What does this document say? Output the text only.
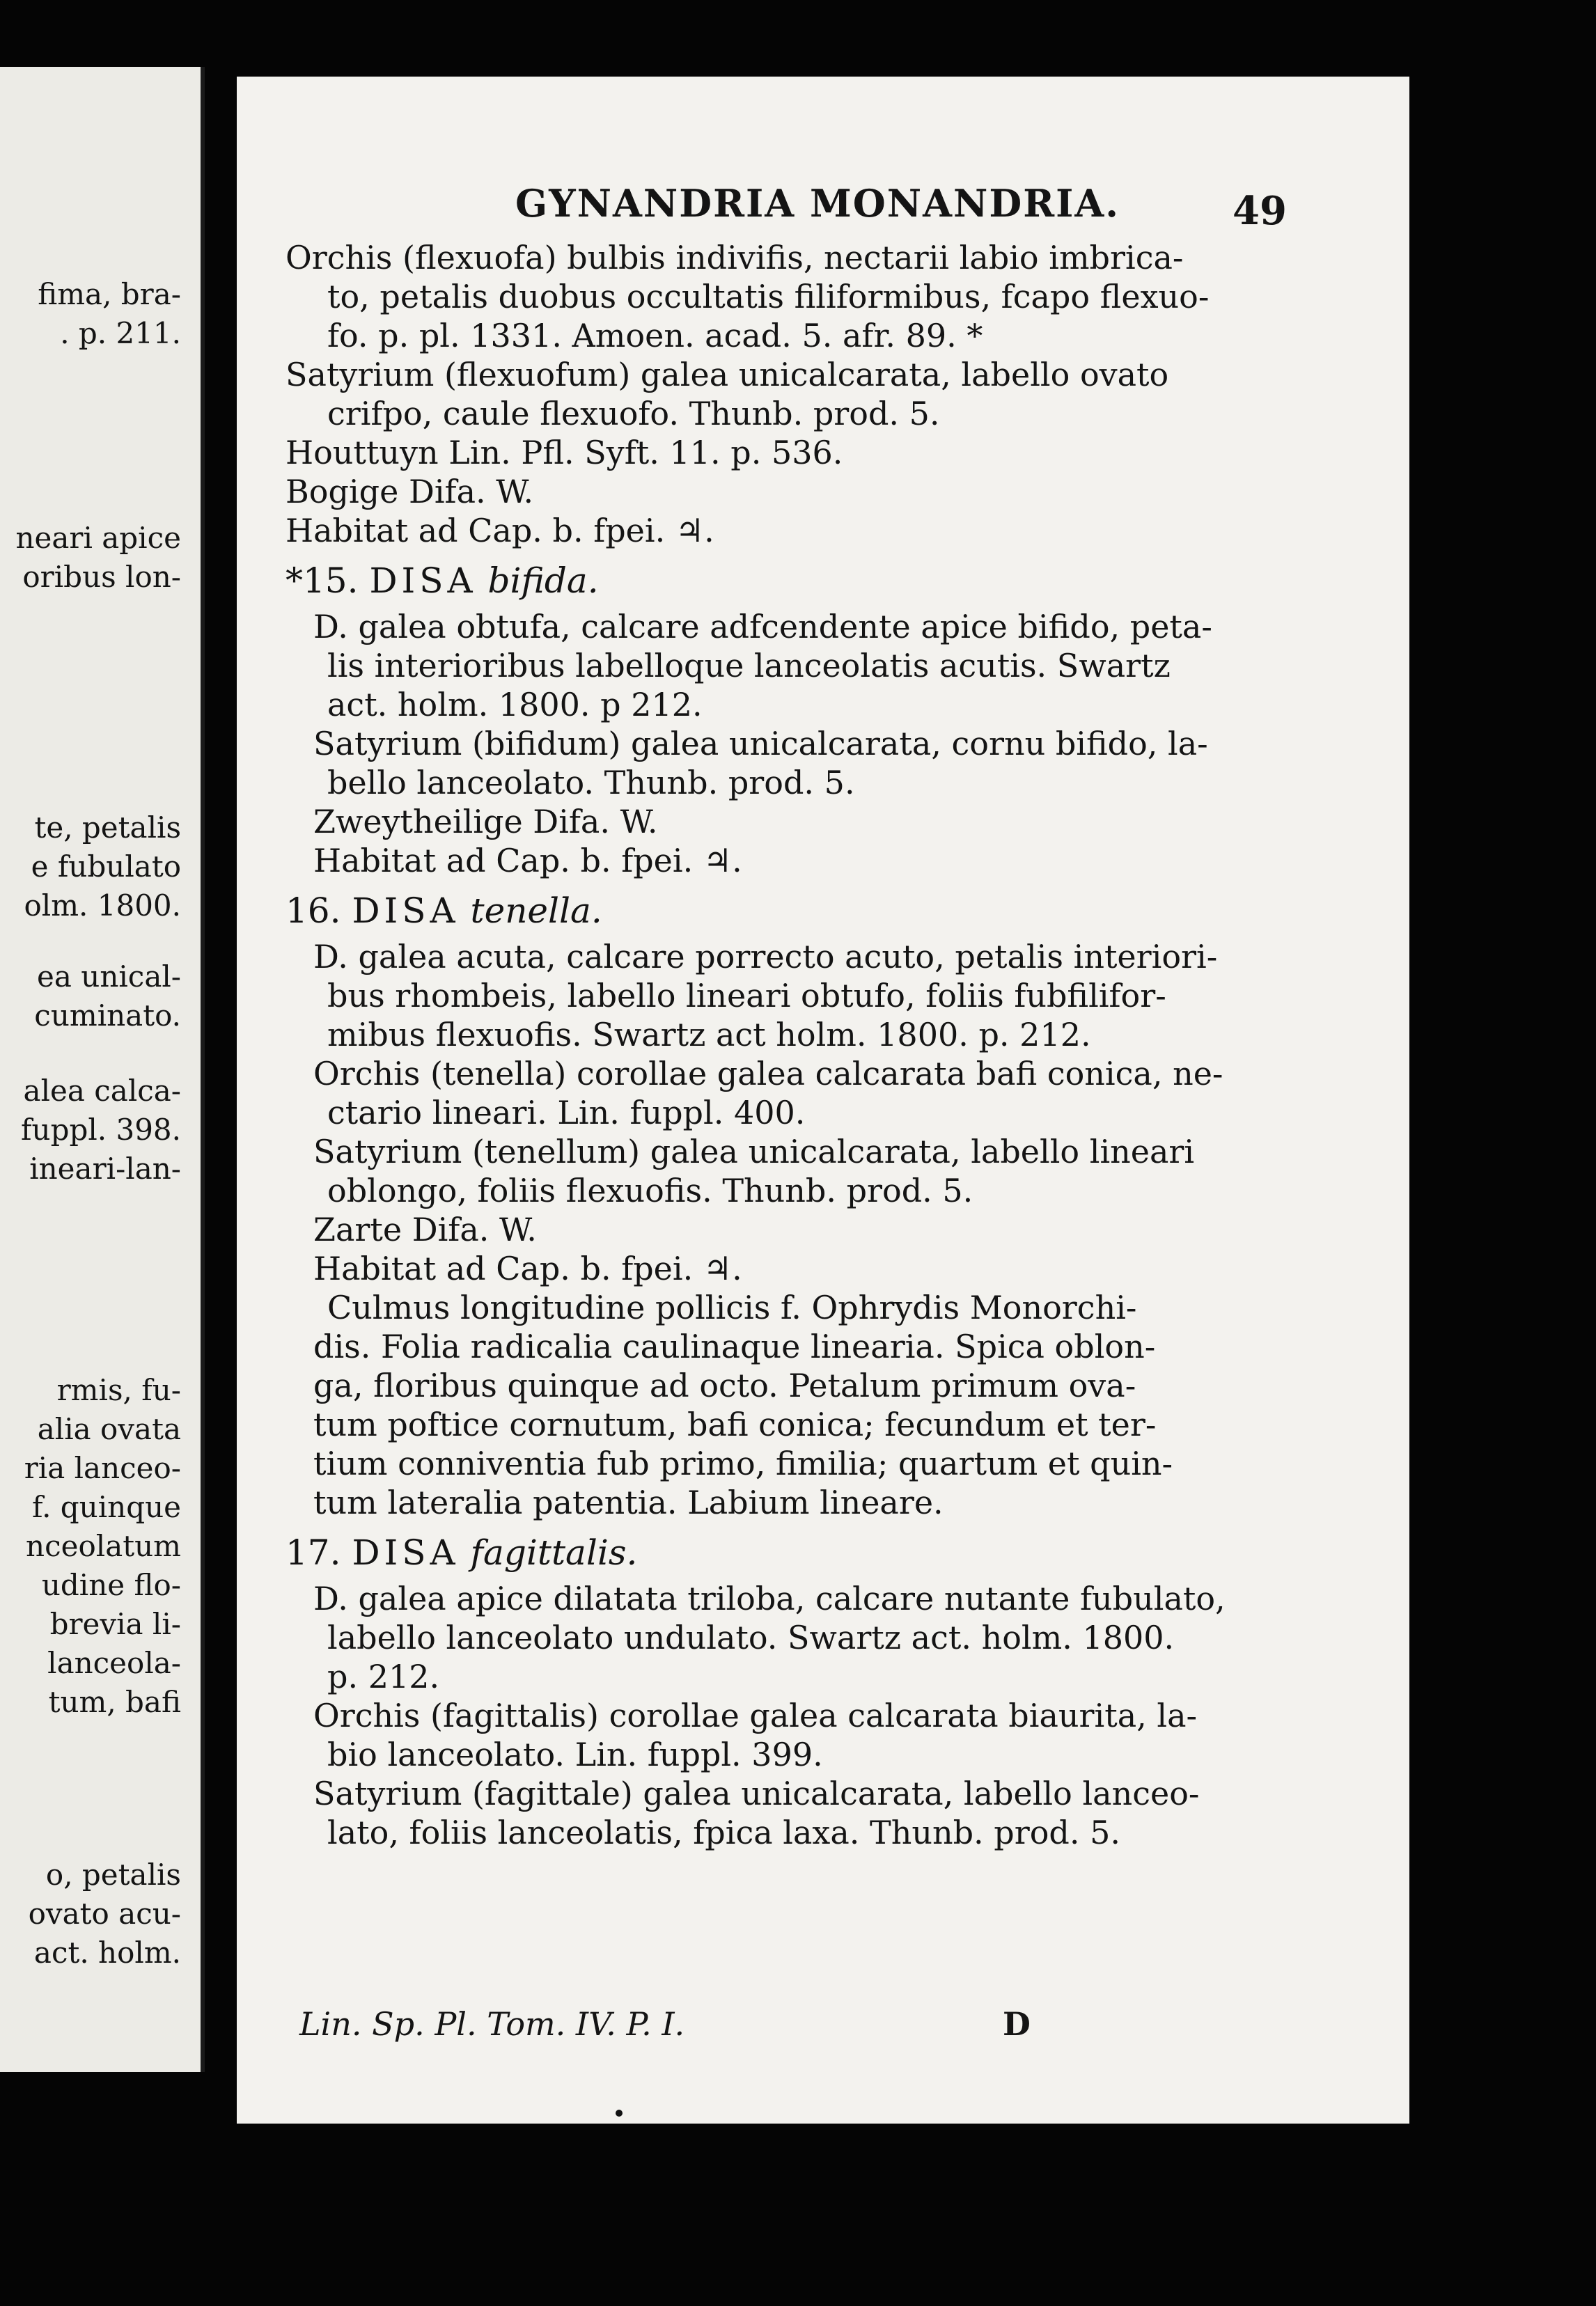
fima, bra-
. p. 211.
neari apice
oribus lon-
te, petalis
e fubulato
olm. 1800.
ea unical-
cuminato.
alea calca-
fuppl. 398.
ineari-lan-
rmis, fu-
alia ovata
ria lanceo-
f. quinque
nceolatum
udine flo-
brevia li-
lanceola-
tum, bafi
o, petalis
ovato acu-
act. holm.
GYNANDRIA MONANDRIA.	49
Orchis (flexuofa) bulbis indivifis, nectarii labio imbrica-
to, petalis duobus occultatis filiformibus, fcapo flexuo-
fo. p. pl. 1331. Amoen. acad. 5. afr. 89. *
Satyrium (flexuofum) galea unicalcarata, labello ovato
crifpo, caule flexuofo. Thunb. prod. 5.
Houttuyn Lin. Pfl. Syft. 11. p. 536.
Bogige Difa. W.
Habitat ad Cap. b. fpei. ♃.
*15. DISA bifida.
D. galea obtufa, calcare adfcendente apice bifido, peta-
lis interioribus labelloque lanceolatis acutis. Swartz
act. holm. 1800. p 212.
Satyrium (bifidum) galea unicalcarata, cornu bifido, la-
bello lanceolato. Thunb. prod. 5.
Zweytheilige Difa. W.
Habitat ad Cap. b. fpei. ♃.
16. DISA tenella.
D. galea acuta, calcare porrecto acuto, petalis interiori-
bus rhombeis, labello lineari obtufo, foliis fubfilifor-
mibus flexuofis. Swartz act holm. 1800. p. 212.
Orchis (tenella) corollae galea calcarata bafi conica, ne-
ctario lineari. Lin. fuppl. 400.
Satyrium (tenellum) galea unicalcarata, labello lineari
oblongo, foliis flexuofis. Thunb. prod. 5.
Zarte Difa. W.
Habitat ad Cap. b. fpei. ♃.
Culmus longitudine pollicis f. Ophrydis Monorchi-
dis. Folia radicalia caulinaque linearia. Spica oblon-
ga, floribus quinque ad octo. Petalum primum ova-
tum poftice cornutum, bafi conica; fecundum et ter-
tium conniventia fub primo, fimilia; quartum et quin-
tum lateralia patentia. Labium lineare.
17. DISA fagittalis.
D. galea apice dilatata triloba, calcare nutante fubulato,
labello lanceolato undulato. Swartz act. holm. 1800.
p. 212.
Orchis (fagittalis) corollae galea calcarata biaurita, la-
bio lanceolato. Lin. fuppl. 399.
Satyrium (fagittale) galea unicalcarata, labello lanceo-
lato, foliis lanceolatis, fpica laxa. Thunb. prod. 5.
Lin. Sp. Pl. Tom. IV. P. I.	D
